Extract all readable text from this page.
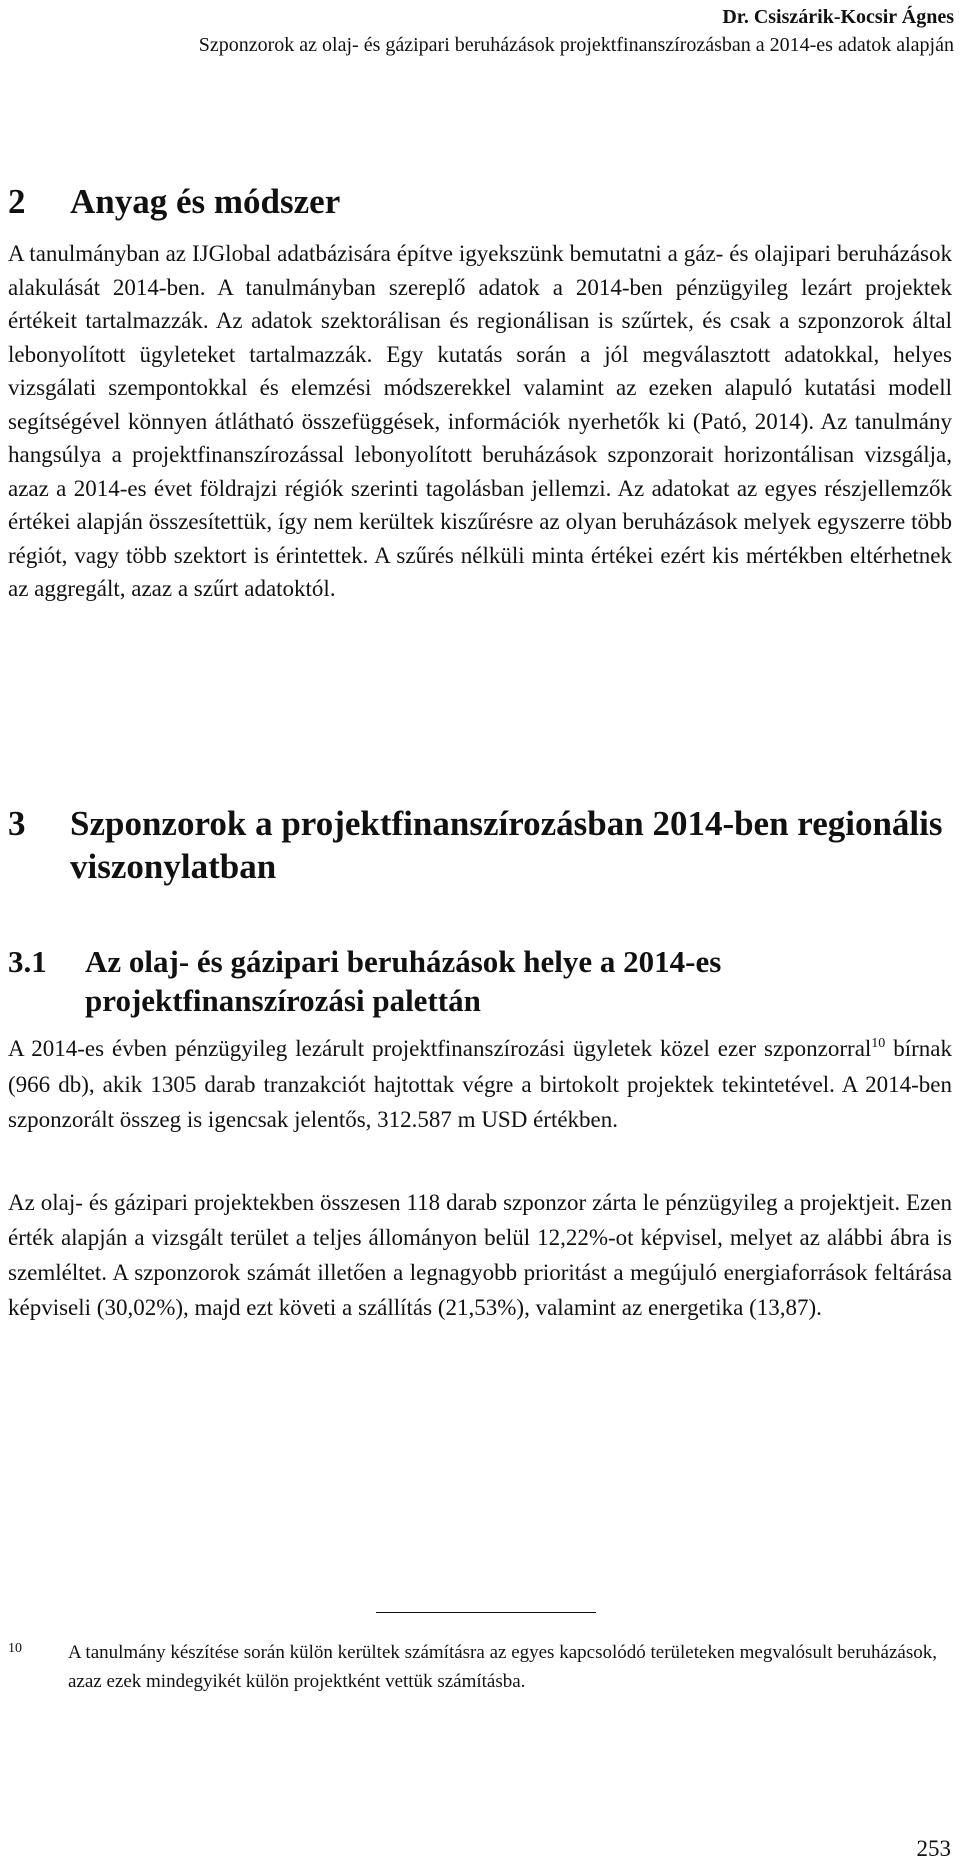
Dr. Csiszárik-Kocsir Ágnes
Szponzorok az olaj- és gázipari beruházások projektfinanszírozásban a 2014-es adatok alapján
2	Anyag és módszer

A tanulmányban az IJGlobal adatbázisára építve igyekszünk bemutatni a gáz- és olajipari beruházások alakulását 2014-ben. A tanulmányban szereplő adatok a 2014-ben pénzügyileg lezárt projektek értékeit tartalmazzák. Az adatok szektorálisan és regionálisan is szűrtek, és csak a szponzorok által lebonyolított ügyleteket tartalmazzák. Egy kutatás során a jól megválasztott adatokkal, helyes vizsgálati szempontokkal és elemzési módszerekkel valamint az ezeken alapuló kutatási modell segítségével könnyen átlátható összefüggések, információk nyerhetők ki (Pató, 2014). Az tanulmány hangsúlya a projektfinanszírozással lebonyolított beruházások szponzorait horizontálisan vizsgálja, azaz a 2014-es évet földrajzi régiók szerinti tagolásban jellemzi. Az adatokat az egyes részjellemzők értékei alapján összesítettük, így nem kerültek kiszűrésre az olyan beruházások melyek egyszerre több régiót, vagy több szektort is érintettek. A szűrés nélküli minta értékei ezért kis mértékben eltérhetnek az aggregált, azaz a szűrt adatoktól.

3	Szponzorok a projektfinanszírozásban 2014-ben regionális viszonylatban
3.1	Az olaj- és gázipari beruházások helye a 2014-es projektfinanszírozási palettán

A 2014-es évben pénzügyileg lezárult projektfinanszírozási ügyletek közel ezer szponzorral$^{10}$ bírnak (966 db), akik 1305 darab tranzakciót hajtottak végre a birtokolt projektek tekintetével. A 2014-ben szponzorált összeg is igencsak jelentős, 312.587 m USD értékben.

Az olaj- és gázipari projektekben összesen 118 darab szponzor zárta le pénzügyileg a projektjeit. Ezen érték alapján a vizsgált terület a teljes állományon belül 12,22%-ot képvisel, melyet az alábbi ábra is szemléltet. A szponzorok számát illetően a legnagyobb prioritást a megújuló energiaforrások feltárása képviseli (30,02%), majd ezt követi a szállítás (21,53%), valamint az energetika (13,87).

10	A tanulmány készítése során külön kerültek számításra az egyes kapcsolódó területeken megvalósult beruházások, azaz ezek mindegyikét külön projektként vettük számításba.
253
